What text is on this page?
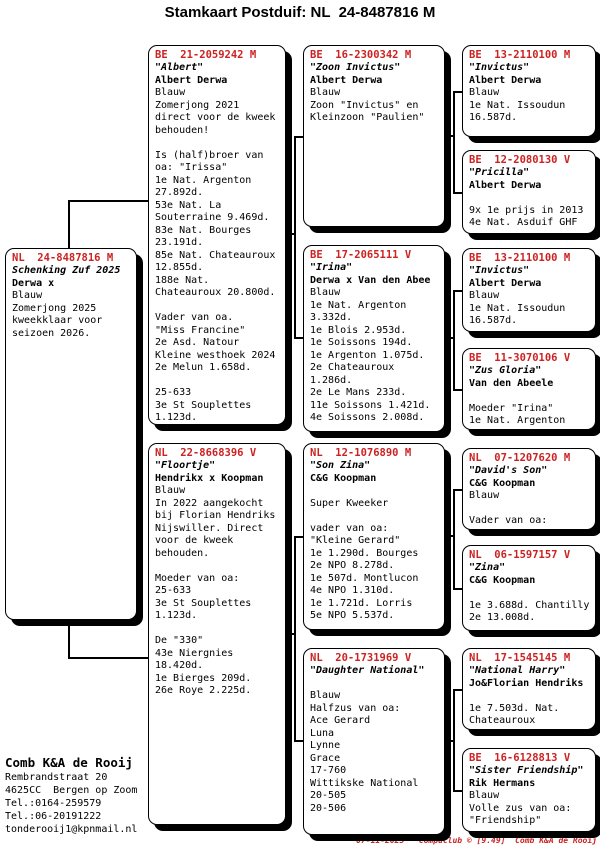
Stamkaart Postduif: NL  24-8487816 M
NL  24-8487816 M
Schenking Zuf 2025
Derwa x
Blauw
Zomerjong 2025
kweekklaar voor
seizoen 2026.
BE  21-2059242 M
"Albert"
Albert Derwa
Blauw
Zomerjong 2021
direct voor de kweek
behouden!

Is (half)broer van
oa: "Irissa"
1e Nat. Argenton
27.892d.
53e Nat. La
Souterraine 9.469d.
83e Nat. Bourges
23.191d.
85e Nat. Chateauroux
12.855d.
188e Nat.
Chateauroux 20.800d.

Vader van oa.
"Miss Francine"
2e Asd. Natour
Kleine westhoek 2024
2e Melun 1.658d.

25-633
3e St Souplettes
1.123d.
NL  22-8668396 V
"Floortje"
Hendrikx x Koopman
Blauw
In 2022 aangekocht
bij Florian Hendriks
Nijswiller. Direct
voor de kweek
behouden.

Moeder van oa:
25-633
3e St Souplettes
1.123d.

De "330"
43e Niergnies
18.420d.
1e Bierges 209d.
26e Roye 2.225d.
BE  16-2300342 M
"Zoon Invictus"
Albert Derwa
Blauw
Zoon "Invictus" en
Kleinzoon "Paulien"
BE  17-2065111 V
"Irina"
Derwa x Van den Abee
Blauw
1e Nat. Argenton
3.332d.
1e Blois 2.953d.
1e Soissons 194d.
1e Argenton 1.075d.
2e Chateauroux
1.286d.
2e Le Mans 233d.
11e Soissons 1.421d.
4e Soissons 2.008d.
NL  12-1076890 M
"Son Zina"
C&G Koopman

Super Kweeker

vader van oa:
"Kleine Gerard"
1e 1.290d. Bourges
2e NPO 8.278d.
1e 507d. Montlucon
4e NPO 1.310d.
1e 1.721d. Lorris
5e NPO 5.537d.
NL  20-1731969 V
"Daughter National"

Blauw
Halfzus van oa:
Ace Gerard
Luna
Lynne
Grace
17-760
Wittikske National
20-505
20-506
BE  13-2110100 M
"Invictus"
Albert Derwa
Blauw
1e Nat. Issoudun
16.587d.
BE  12-2080130 V
"Pricilla"
Albert Derwa

9x 1e prijs in 2013
4e Nat. Asduif GHF
BE  13-2110100 M
"Invictus"
Albert Derwa
Blauw
1e Nat. Issoudun
16.587d.
BE  11-3070106 V
"Zus Gloria"
Van den Abeele

Moeder "Irina"
1e Nat. Argenton
NL  07-1207620 M
"David's Son"
C&G Koopman
Blauw

Vader van oa:
NL  06-1597157 V
"Zina"
C&G Koopman

1e 3.688d. Chantilly
2e 13.008d.
NL  17-1545145 M
"National Harry"
Jo&Florian Hendriks

1e 7.503d. Nat.
Chateauroux
BE  16-6128813 V
"Sister Friendship"
Rik Hermans
Blauw
Volle zus van oa:
"Friendship"
Comb K&A de Rooij
Rembrandstraat 20
4625CC  Bergen op Zoom
Tel.:0164-259579
Tel.:06-20191222
tonderooij1@kpnmail.nl
07-11-2025 Compuclub © [9.49] Comb K&A de Rooij
